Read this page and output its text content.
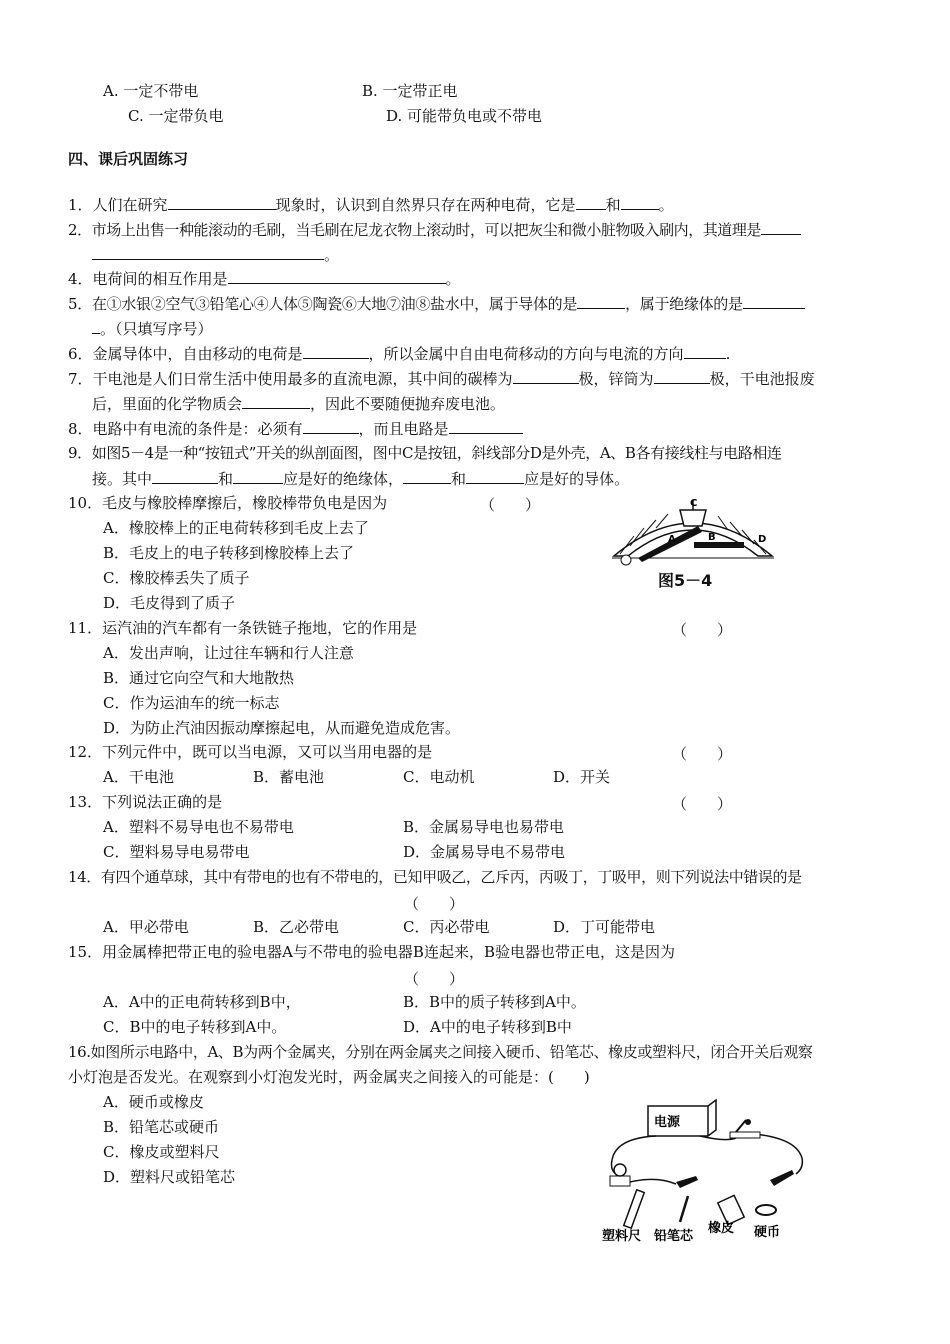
A. 一定不带电	B. 一定带正电
C. 一定带负电	D. 可能带负电或不带电
四、课后巩固练习
1．人们在研究	现象时，认识到自然界只存在两种电荷，它是 和	。
2．市场上出售一种能滚动的毛刷，当毛刷在尼龙衣物上滚动时，可以把灰尘和微小脏物吸入刷内，其道理是
。
4．电荷间的相互作用是	。
5．在①水银②空气③铅笔心④人体⑤陶瓷⑥大地⑦油⑧盐水中，属于导体的是	，属于绝缘体的是
。（只填写序号）
6．金属导体中，自由移动的电荷是	，所以金属中自由电荷移动的方向与电流的方向	.
7．干电池是人们日常生活中使用最多的直流电源，其中间的碳棒为	极，锌筒为	极，干电池报废
后，里面的化学物质会	，因此不要随便抛弃废电池。
8．电路中有电流的条件是：必须有	，而且电路是
9．如图5－4是一种“按钮式”开关的纵剖面图，图中C是按钮，斜线部分D是外壳，A、B各有接线柱与电路相连
接。其中	和	应是好的绝缘体，	和	应是好的导体。
10．毛皮与橡胶棒摩擦后，橡胶棒带负电是因为	（　　）
A．橡胶棒上的正电荷转移到毛皮上去了
B．毛皮上的电子转移到橡胶棒上去了
C．橡胶棒丢失了质子
D．毛皮得到了质子
C
A	B	D
图5－4
11．运汽油的汽车都有一条铁链子拖地，它的作用是	（　　）
A．发出声响，让过往车辆和行人注意
B．通过它向空气和大地散热
C．作为运油车的统一标志
D．为防止汽油因振动摩擦起电，从而避免造成危害。
12．下列元件中，既可以当电源，又可以当用电器的是	（　　）
A．干电池	B．蓄电池	C．电动机	D．开关
13．下列说法正确的是	（　　）
A．塑料不易导电也不易带电	B．金属易导电也易带电
C．塑料易导电易带电	D．金属易导电不易带电
14．有四个通草球，其中有带电的也有不带电的，已知甲吸乙，乙斥丙，丙吸丁，丁吸甲，则下列说法中错误的是
（　　）
A．甲必带电	B．乙必带电	C．丙必带电	D．丁可能带电
15．用金属棒把带正电的验电器A与不带电的验电器B连起来，B验电器也带正电，这是因为
（　　）
A．A中的正电荷转移到B中，	B．B中的质子转移到A中。
C．B中的电子转移到A中。	D．A中的电子转移到B中
16.如图所示电路中，A、B为两个金属夹，分别在两金属夹之间接入硬币、铅笔芯、橡皮或塑料尺，闭合开关后观察
小灯泡是否发光。在观察到小灯泡发光时，两金属夹之间接入的可能是：(　　)
A．硬币或橡皮
B．铅笔芯或硬币
C．橡皮或塑料尺
D．塑料尺或铅笔芯
电源
塑料尺 铅笔芯
橡皮 硬币
